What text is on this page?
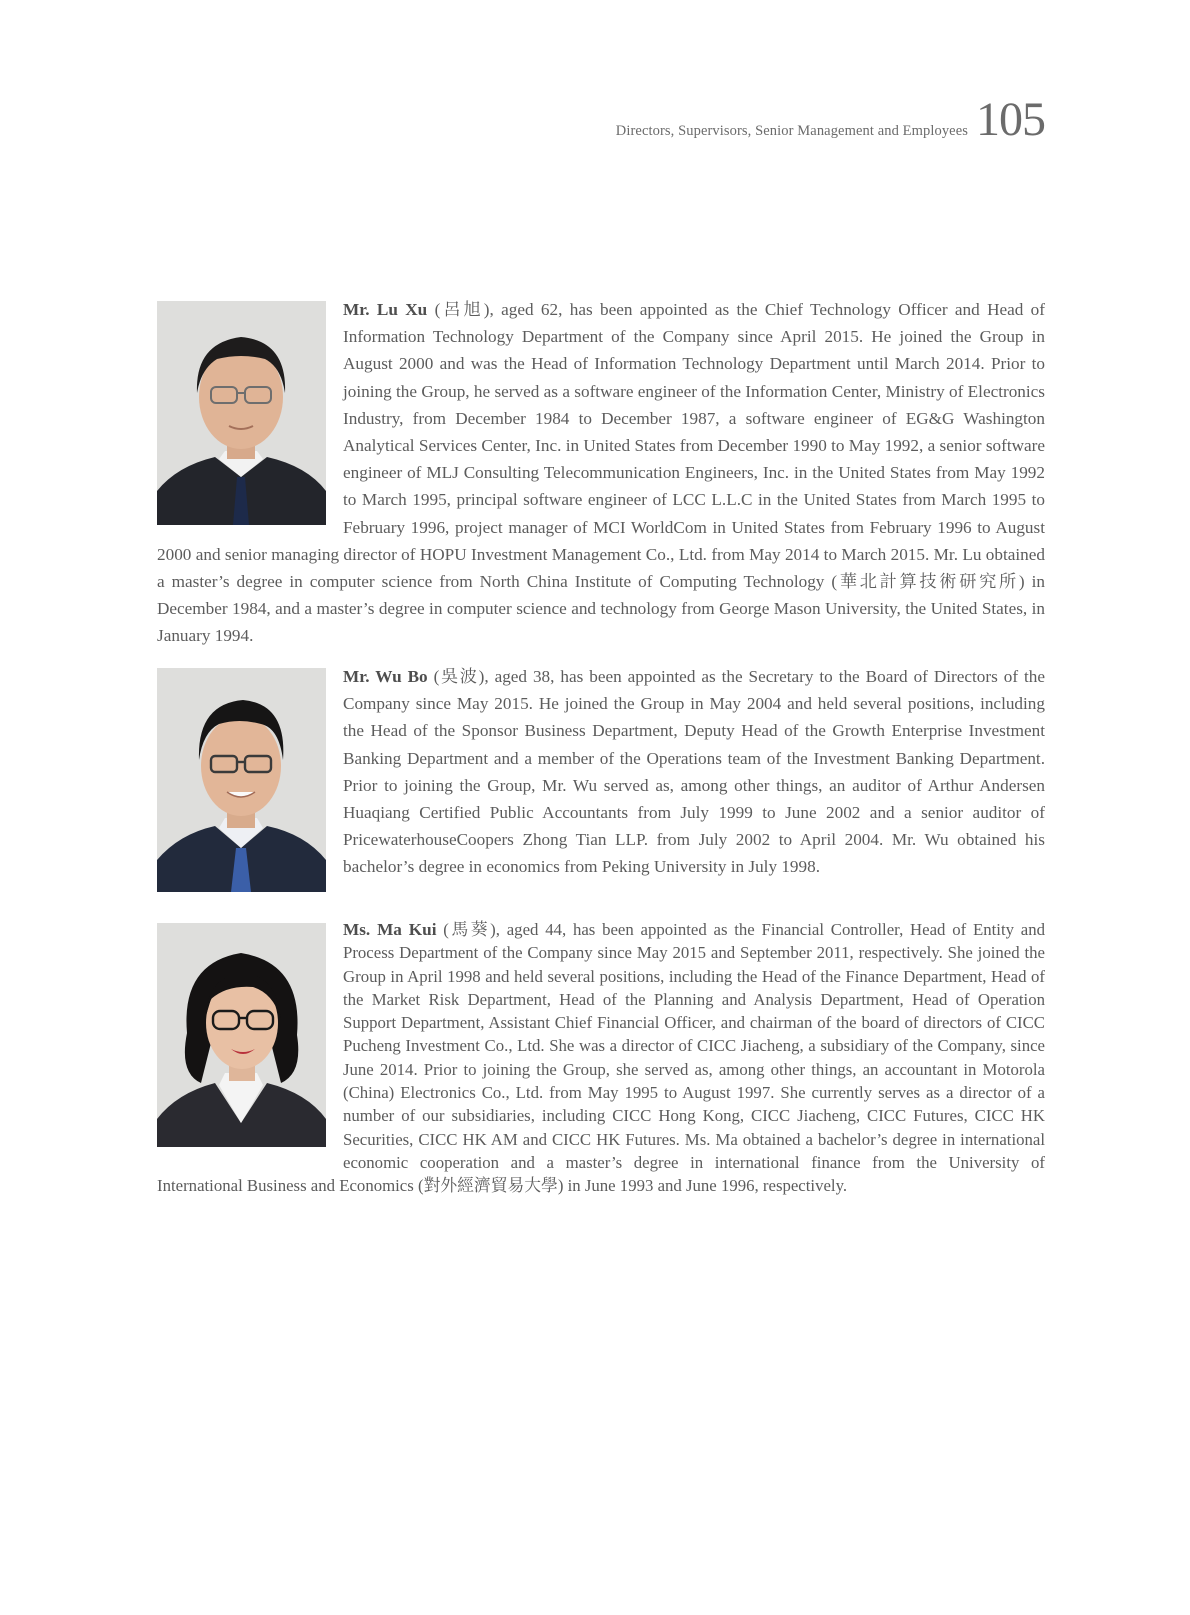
Directors, Supervisors, Senior Management and Employees 105
Mr. Lu Xu (呂旭), aged 62, has been appointed as the Chief Technology Officer and Head of Information Technology Department of the Company since April 2015. He joined the Group in August 2000 and was the Head of Information Technology Department until March 2014. Prior to joining the Group, he served as a software engineer of the Information Center, Ministry of Electronics Industry, from December 1984 to December 1987, a software engineer of EG&G Washington Analytical Services Center, Inc. in United States from December 1990 to May 1992, a senior software engineer of MLJ Consulting Telecommunication Engineers, Inc. in the United States from May 1992 to March 1995, principal software engineer of LCC L.L.C in the United States from March 1995 to February 1996, project manager of MCI WorldCom in United States from February 1996 to August 2000 and senior managing director of HOPU Investment Management Co., Ltd. from May 2014 to March 2015. Mr. Lu obtained a master’s degree in computer science from North China Institute of Computing Technology (華北計算技術研究所) in December 1984, and a master’s degree in computer science and technology from George Mason University, the United States, in January 1994.
Mr. Wu Bo (吳波), aged 38, has been appointed as the Secretary to the Board of Directors of the Company since May 2015. He joined the Group in May 2004 and held several positions, including the Head of the Sponsor Business Department, Deputy Head of the Growth Enterprise Investment Banking Department and a member of the Operations team of the Investment Banking Department. Prior to joining the Group, Mr. Wu served as, among other things, an auditor of Arthur Andersen Huaqiang Certified Public Accountants from July 1999 to June 2002 and a senior auditor of PricewaterhouseCoopers Zhong Tian LLP. from July 2002 to April 2004. Mr. Wu obtained his bachelor’s degree in economics from Peking University in July 1998.
Ms. Ma Kui (馬葵), aged 44, has been appointed as the Financial Controller, Head of Entity and Process Department of the Company since May 2015 and September 2011, respectively. She joined the Group in April 1998 and held several positions, including the Head of the Finance Department, Head of the Market Risk Department, Head of the Planning and Analysis Department, Head of Operation Support Department, Assistant Chief Financial Officer, and chairman of the board of directors of CICC Pucheng Investment Co., Ltd. She was a director of CICC Jiacheng, a subsidiary of the Company, since June 2014. Prior to joining the Group, she served as, among other things, an accountant in Motorola (China) Electronics Co., Ltd. from May 1995 to August 1997. She currently serves as a director of a number of our subsidiaries, including CICC Hong Kong, CICC Jiacheng, CICC Futures, CICC HK Securities, CICC HK AM and CICC HK Futures. Ms. Ma obtained a bachelor’s degree in international economic cooperation and a master’s degree in international finance from the University of International Business and Economics (對外經濟貿易大學) in June 1993 and June 1996, respectively.
